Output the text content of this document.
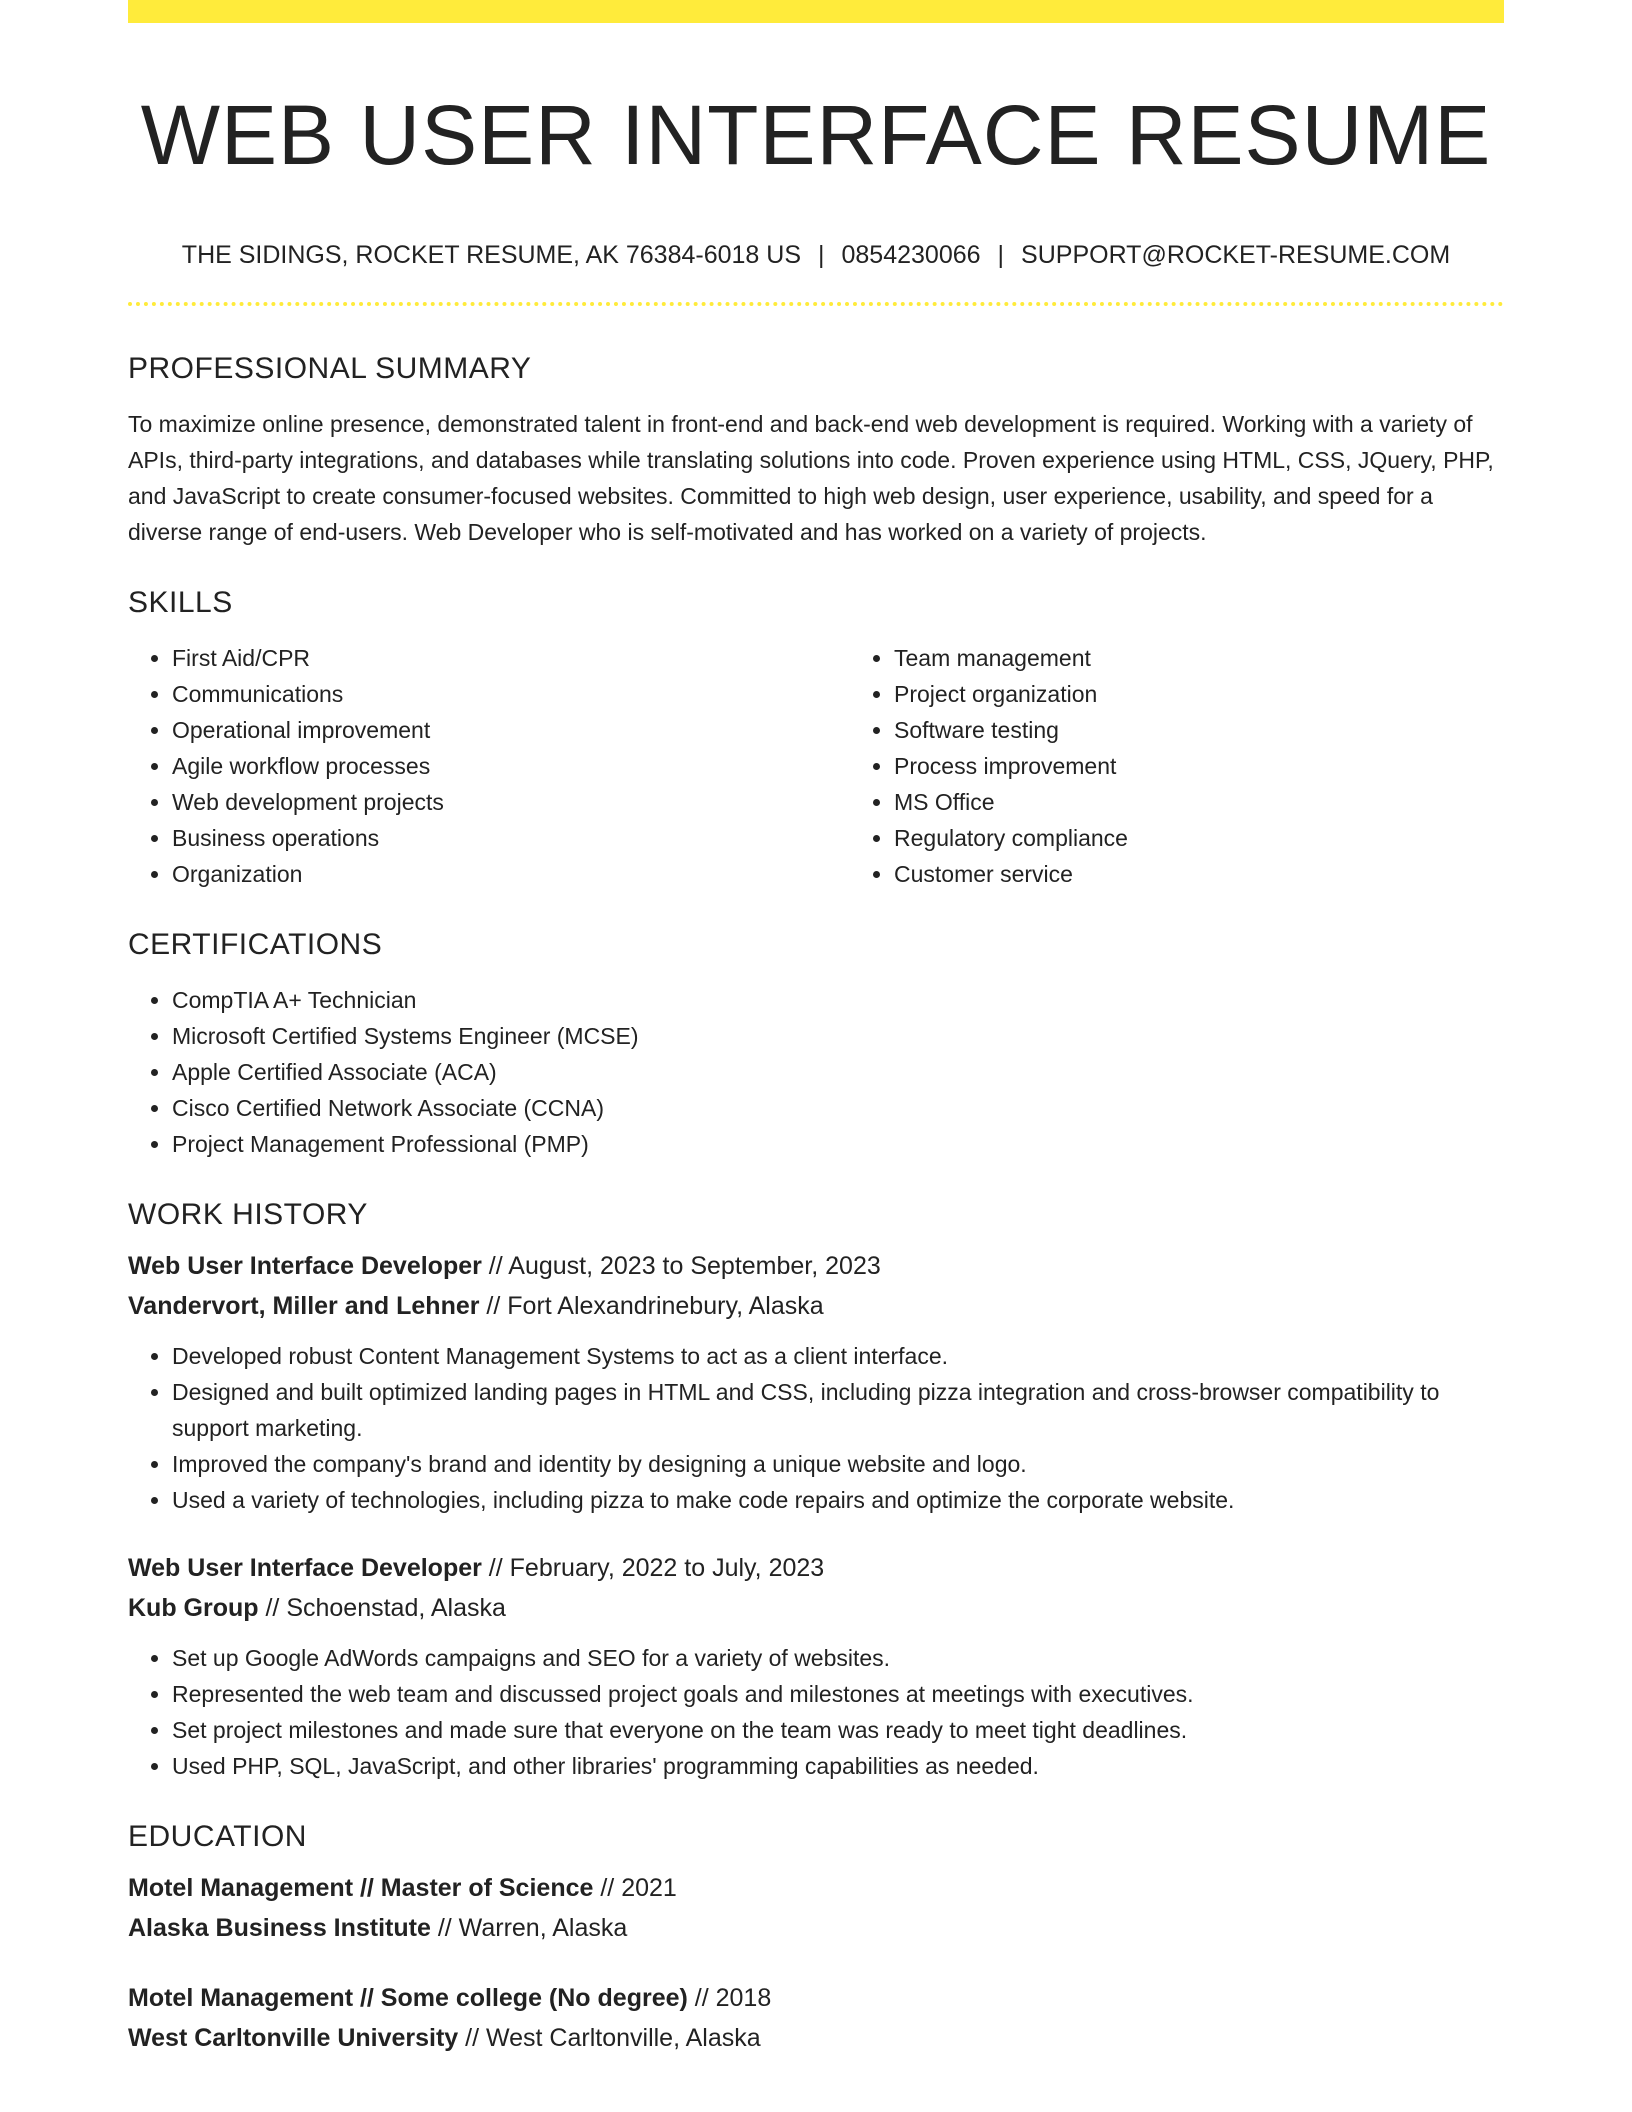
WEB USER INTERFACE RESUME
THE SIDINGS, ROCKET RESUME, AK 76384-6018 US | 0854230066 | SUPPORT@ROCKET-RESUME.COM
PROFESSIONAL SUMMARY

To maximize online presence, demonstrated talent in front-end and back-end web development is required. Working with a variety of APIs, third-party integrations, and databases while translating solutions into code. Proven experience using HTML, CSS, JQuery, PHP, and JavaScript to create consumer-focused websites. Committed to high web design, user experience, usability, and speed for a diverse range of end-users. Web Developer who is self-motivated and has worked on a variety of projects.

SKILLS
• First Aid/CPR
• Communications
• Operational improvement
• Agile workflow processes
• Web development projects
• Business operations
• Organization
• Team management
• Project organization
• Software testing
• Process improvement
• MS Office
• Regulatory compliance
• Customer service
CERTIFICATIONS
• CompTIA A+ Technician
• Microsoft Certified Systems Engineer (MCSE)
• Apple Certified Associate (ACA)
• Cisco Certified Network Associate (CCNA)
• Project Management Professional (PMP)
WORK HISTORY
Web User Interface Developer // August, 2023 to September, 2023
Vandervort, Miller and Lehner // Fort Alexandrinebury, Alaska
• Developed robust Content Management Systems to act as a client interface.
• Designed and built optimized landing pages in HTML and CSS, including pizza integration and cross-browser compatibility to support marketing.
• Improved the company's brand and identity by designing a unique website and logo.
• Used a variety of technologies, including pizza to make code repairs and optimize the corporate website.
Web User Interface Developer // February, 2022 to July, 2023
Kub Group // Schoenstad, Alaska
• Set up Google AdWords campaigns and SEO for a variety of websites.
• Represented the web team and discussed project goals and milestones at meetings with executives.
• Set project milestones and made sure that everyone on the team was ready to meet tight deadlines.
• Used PHP, SQL, JavaScript, and other libraries' programming capabilities as needed.
EDUCATION
Motel Management // Master of Science // 2021
Alaska Business Institute // Warren, Alaska
Motel Management // Some college (No degree) // 2018
West Carltonville University // West Carltonville, Alaska
